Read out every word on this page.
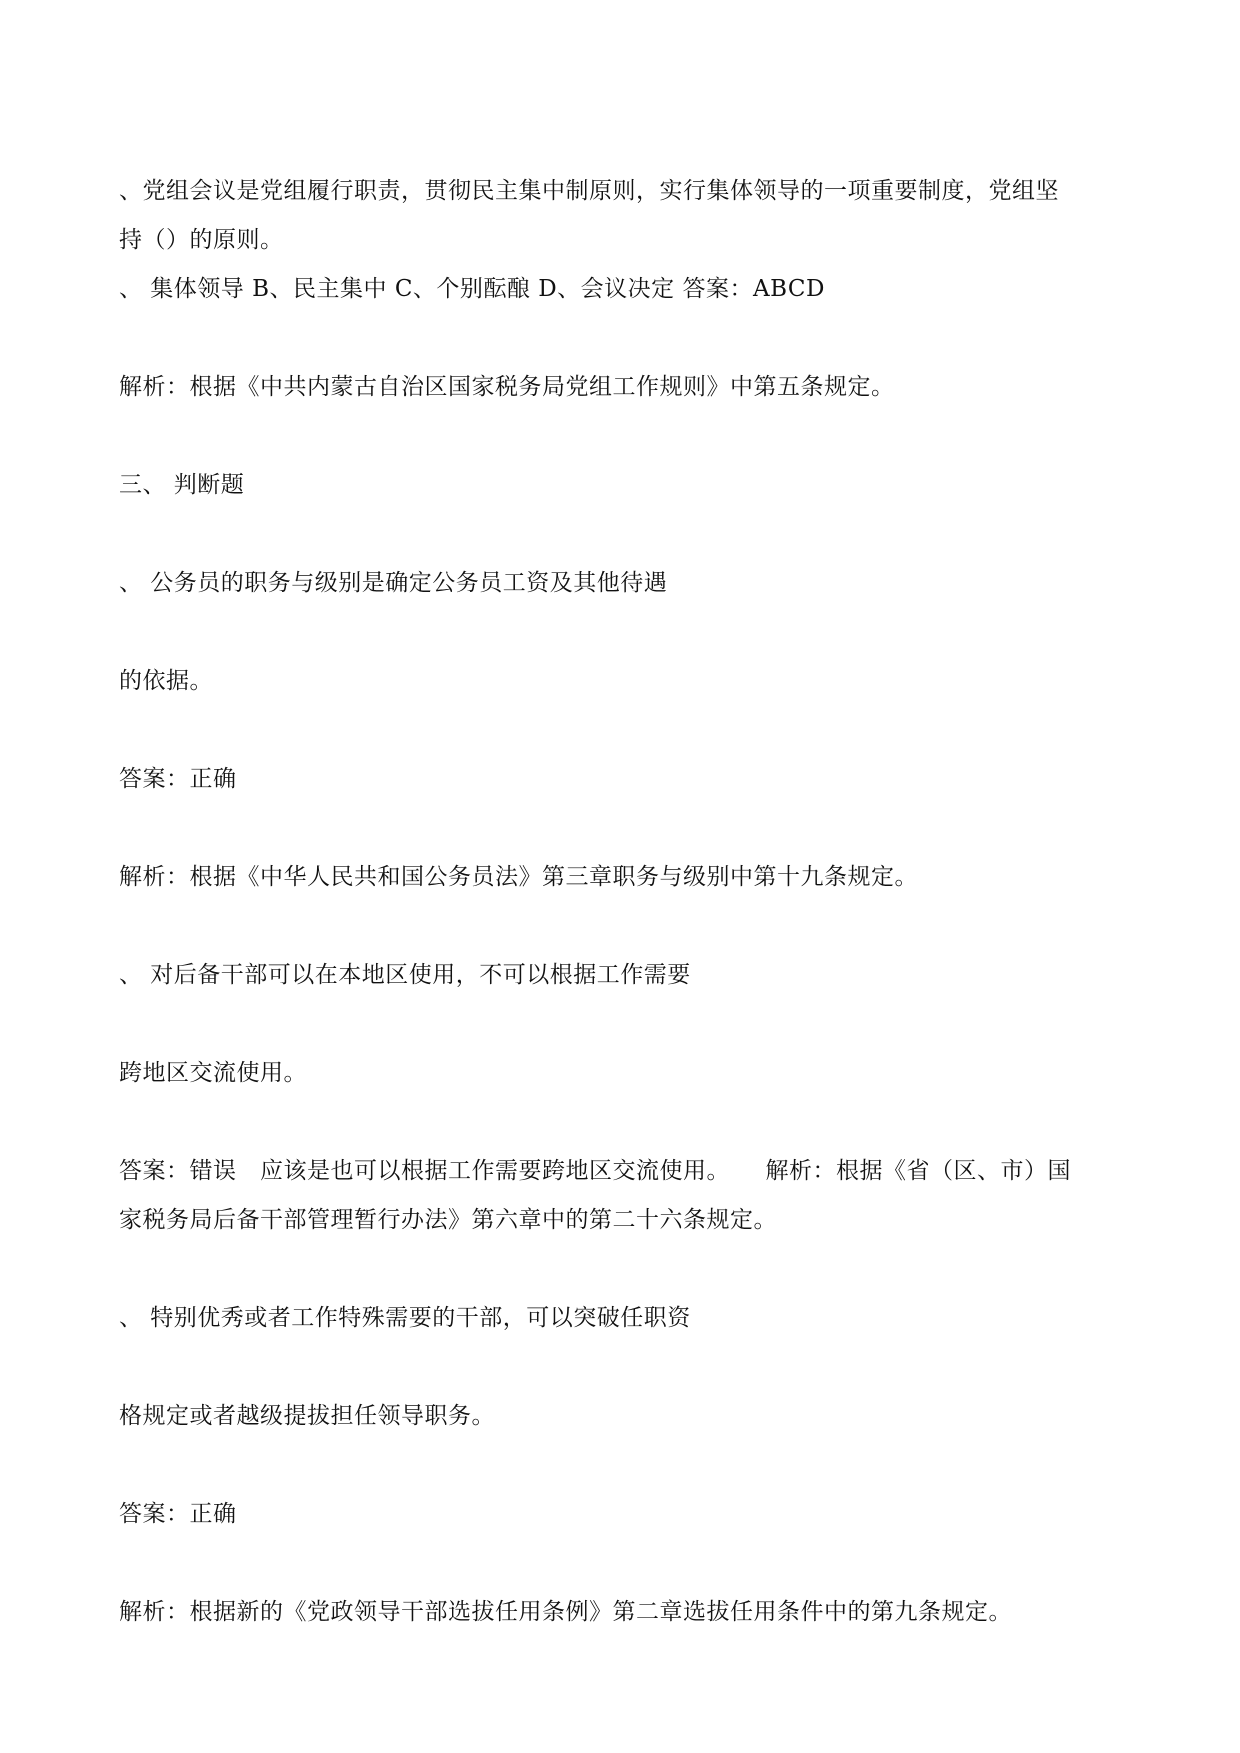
、党组会议是党组履行职责，贯彻民主集中制原则，实行集体领导的一项重要制度，党组坚
持（）的原则。
、 集体领导 B、民主集中 C、个别酝酿 D、会议决定 答案：ABCD
解析：根据《中共内蒙古自治区国家税务局党组工作规则》中第五条规定。
三、 判断题
、 公务员的职务与级别是确定公务员工资及其他待遇
的依据。
答案：正确
解析：根据《中华人民共和国公务员法》第三章职务与级别中第十九条规定。
、 对后备干部可以在本地区使用，不可以根据工作需要
跨地区交流使用。
答案：错误　应该是也可以根据工作需要跨地区交流使用。　　解析：根据《省（区、市）国
家税务局后备干部管理暂行办法》第六章中的第二十六条规定。
、 特别优秀或者工作特殊需要的干部，可以突破任职资
格规定或者越级提拔担任领导职务。
答案：正确
解析：根据新的《党政领导干部选拔任用条例》第二章选拔任用条件中的第九条规定。
